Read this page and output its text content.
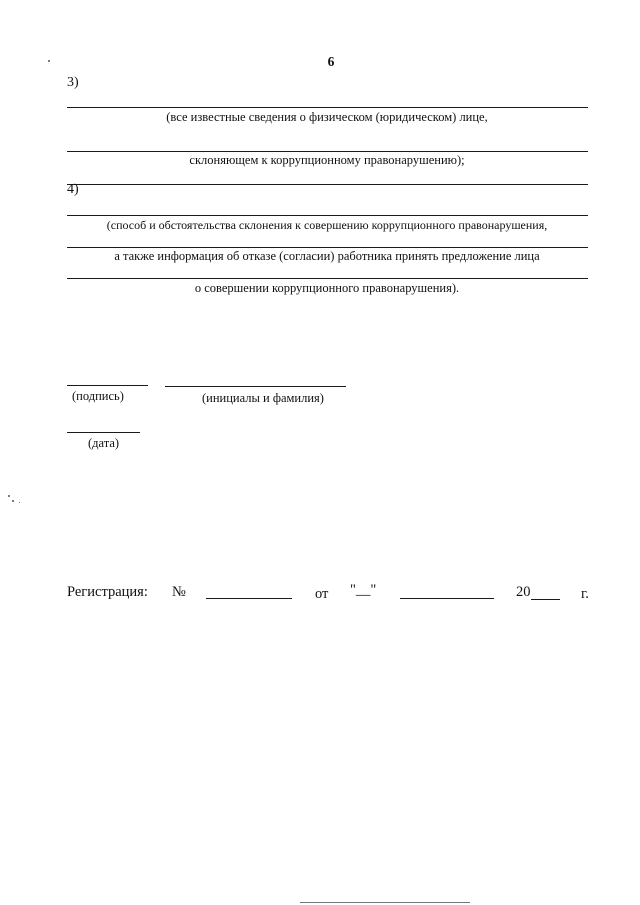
6
3)
(все известные сведения о физическом (юридическом) лице,
склоняющем к коррупционному правонарушению);
4)
(способ и обстоятельства склонения к совершению коррупционного правонарушения,
а также информация об отказе (согласии) работника принять предложение лица
о совершении коррупционного правонарушения).
(подпись)	(инициалы и фамилия)
(дата)
Регистрация: №	от "__"	20	г.
